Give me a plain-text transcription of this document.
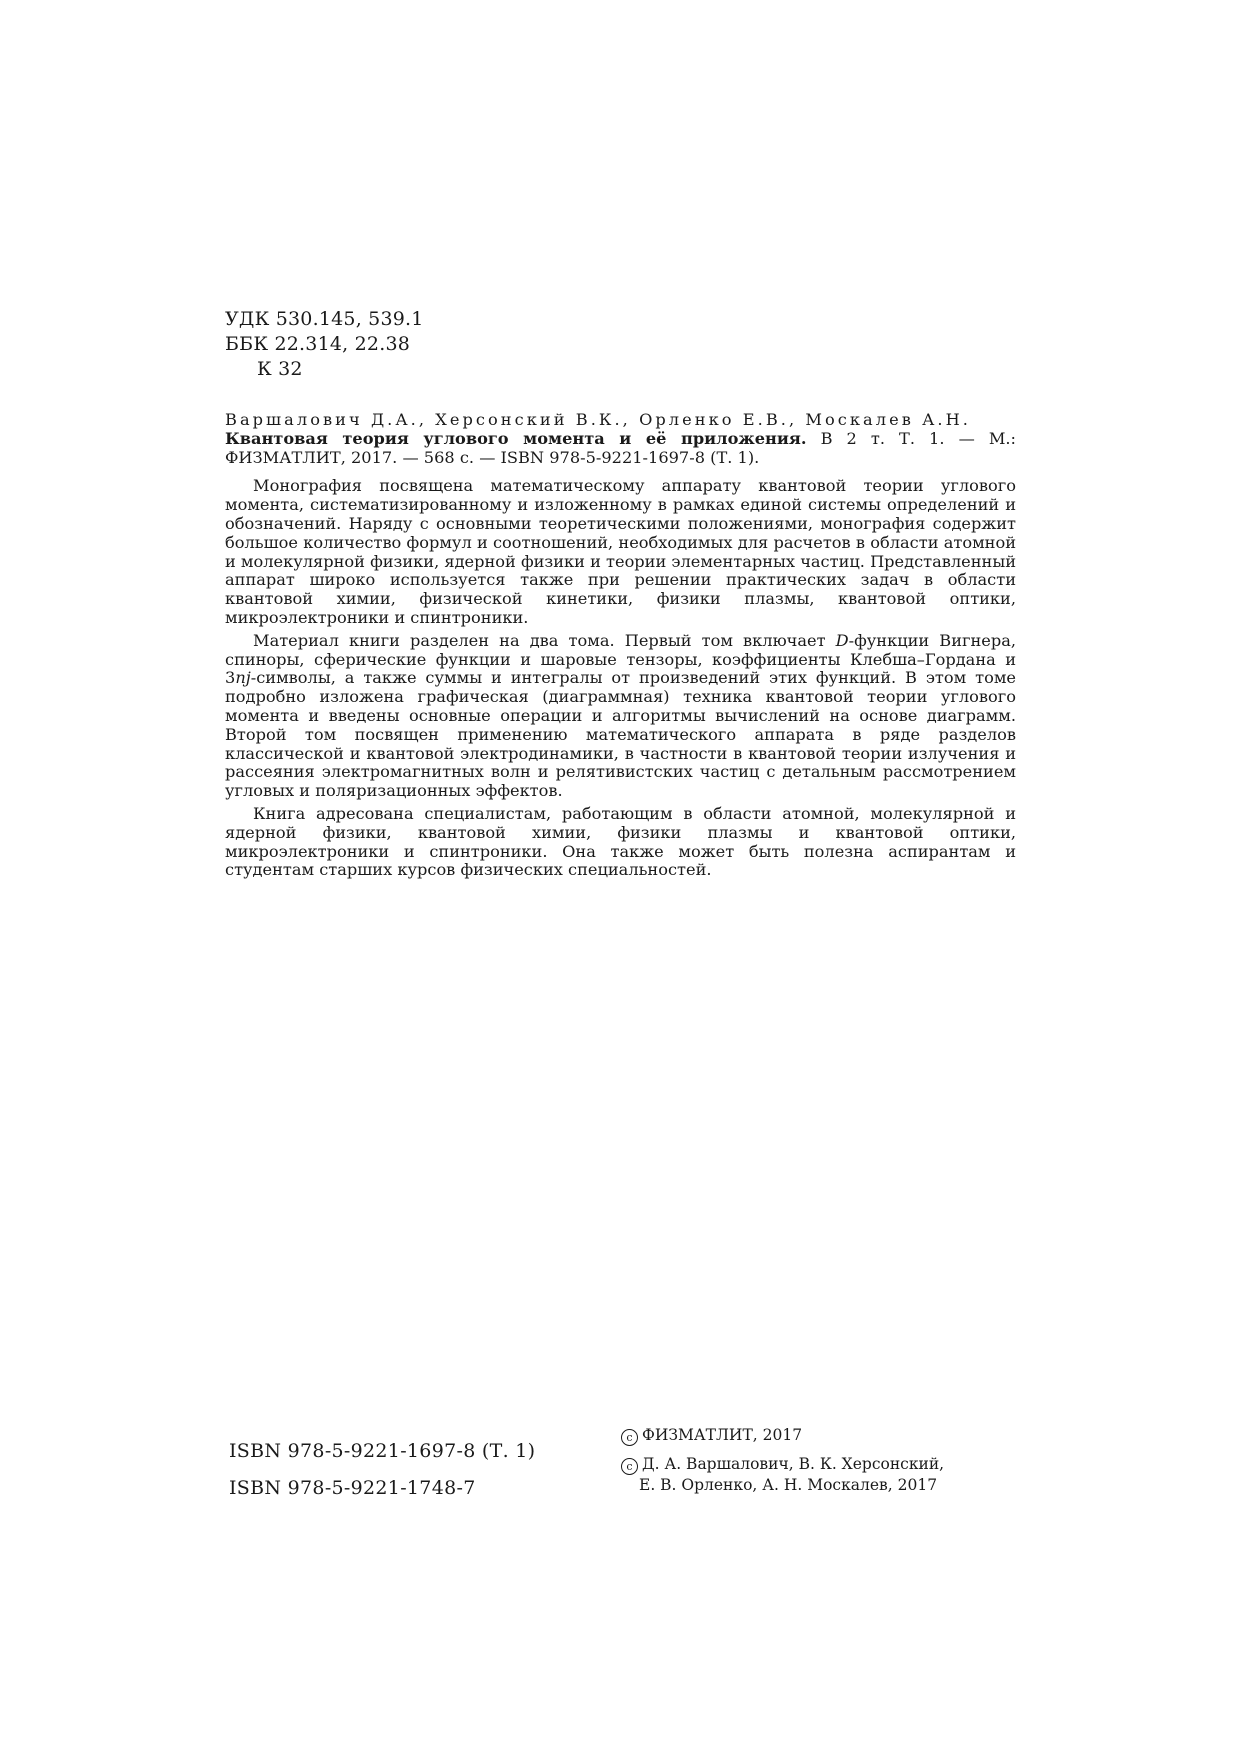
УДК 530.145, 539.1
ББК 22.314, 22.38
К 32

Варшалович Д.А., Херсонский В.К., Орленко Е.В., Москалев А.Н.
Квантовая теория углового момента и её приложения. В 2 т. Т. 1. — М.: ФИЗМАТЛИТ, 2017. — 568 с. — ISBN 978-5-9221-1697-8 (Т. 1).

Монография посвящена математическому аппарату квантовой теории углового момента, систематизированному и изложенному в рамках единой системы определений и обозначений. Наряду с основными теоретическими положениями, монография содержит большое количество формул и соотношений, необходимых для расчетов в области атомной и молекулярной физики, ядерной физики и теории элементарных частиц. Представленный аппарат широко используется также при решении практических задач в области квантовой химии, физической кинетики, физики плазмы, квантовой оптики, микроэлектроники и спинтроники.

Материал книги разделен на два тома. Первый том включает D-функции Вигнера, спиноры, сферические функции и шаровые тензоры, коэффициенты Клебша–Гордана и 3nj-символы, а также суммы и интегралы от произведений этих функций. В этом томе подробно изложена графическая (диаграммная) техника квантовой теории углового момента и введены основные операции и алгоритмы вычислений на основе диаграмм. Второй том посвящен применению математического аппарата в ряде разделов классической и квантовой электродинамики, в частности в квантовой теории излучения и рассеяния электромагнитных волн и релятивистских частиц с детальным рассмотрением угловых и поляризационных эффектов.

Книга адресована специалистам, работающим в области атомной, молекулярной и ядерной физики, квантовой химии, физики плазмы и квантовой оптики, микроэлектроники и спинтроники. Она также может быть полезна аспирантам и студентам старших курсов физических специальностей.

ISBN 978-5-9221-1697-8 (Т. 1)
ISBN 978-5-9221-1748-7
c ФИЗМАТЛИТ, 2017
c Д. А. Варшалович, В. К. Херсонский,
Е. В. Орленко, А. Н. Москалев, 2017
